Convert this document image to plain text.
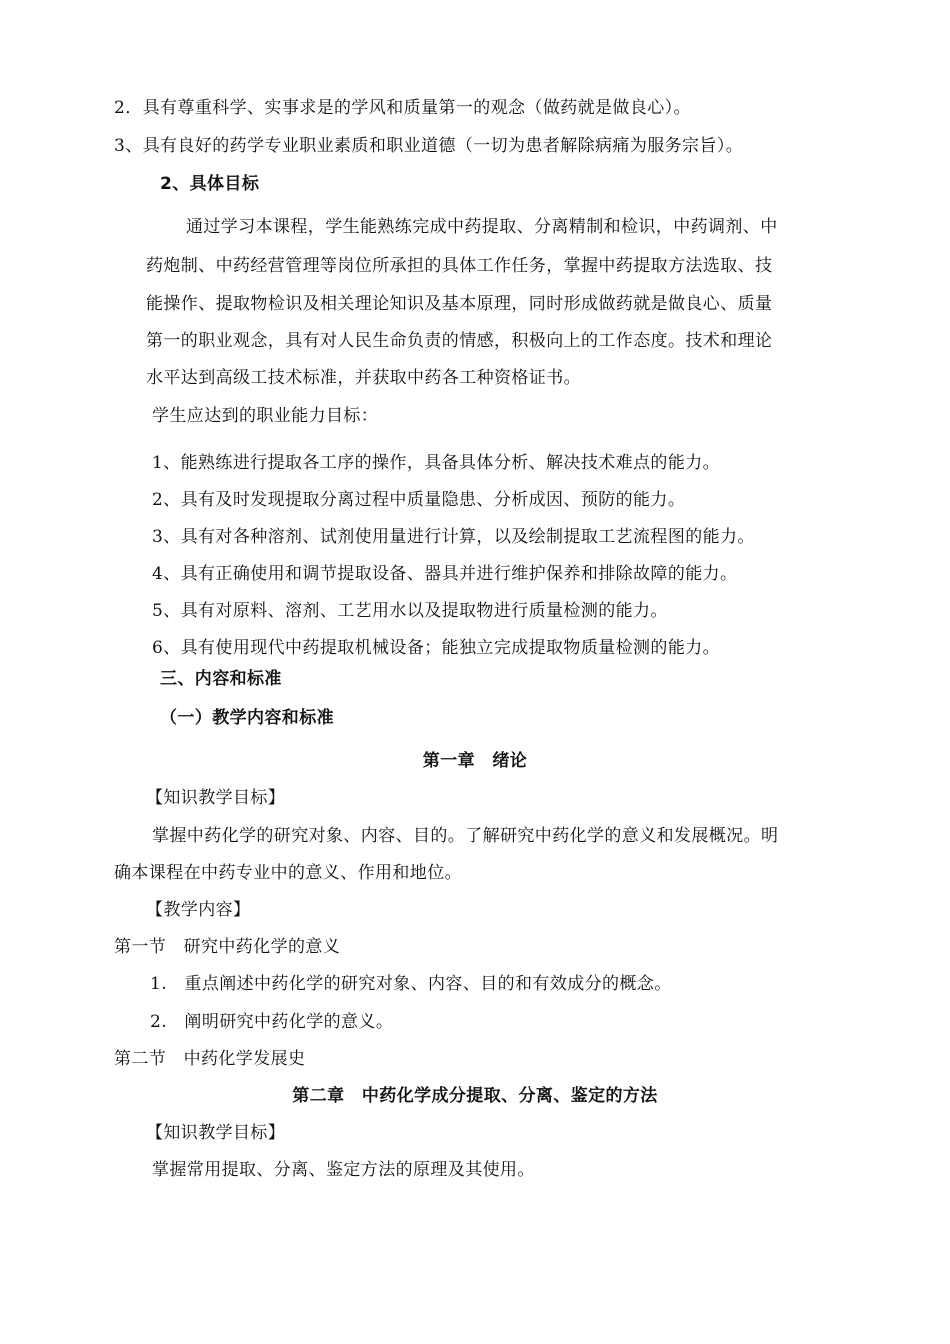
2．具有尊重科学、实事求是的学风和质量第一的观念（做药就是做良心）。
3、具有良好的药学专业职业素质和职业道德（一切为患者解除病痛为服务宗旨）。
2、具体目标
通过学习本课程，学生能熟练完成中药提取、分离精制和检识，中药调剂、中
药炮制、中药经营管理等岗位所承担的具体工作任务，掌握中药提取方法选取、技
能操作、提取物检识及相关理论知识及基本原理，同时形成做药就是做良心、质量
第一的职业观念，具有对人民生命负责的情感，积极向上的工作态度。技术和理论
水平达到高级工技术标准，并获取中药各工种资格证书。
学生应达到的职业能力目标：
1、能熟练进行提取各工序的操作，具备具体分析、解决技术难点的能力。
2、具有及时发现提取分离过程中质量隐患、分析成因、预防的能力。
3、具有对各种溶剂、试剂使用量进行计算，以及绘制提取工艺流程图的能力。
4、具有正确使用和调节提取设备、器具并进行维护保养和排除故障的能力。
5、具有对原料、溶剂、工艺用水以及提取物进行质量检测的能力。
6、具有使用现代中药提取机械设备；能独立完成提取物质量检测的能力。
三、内容和标准
（一）教学内容和标准
第一章　绪论
【知识教学目标】
掌握中药化学的研究对象、内容、目的。了解研究中药化学的意义和发展概况。明
确本课程在中药专业中的意义、作用和地位。
【教学内容】
第一节　研究中药化学的意义
1.　重点阐述中药化学的研究对象、内容、目的和有效成分的概念。
2.　阐明研究中药化学的意义。
第二节　中药化学发展史
第二章　中药化学成分提取、分离、鉴定的方法
【知识教学目标】
掌握常用提取、分离、鉴定方法的原理及其使用。
